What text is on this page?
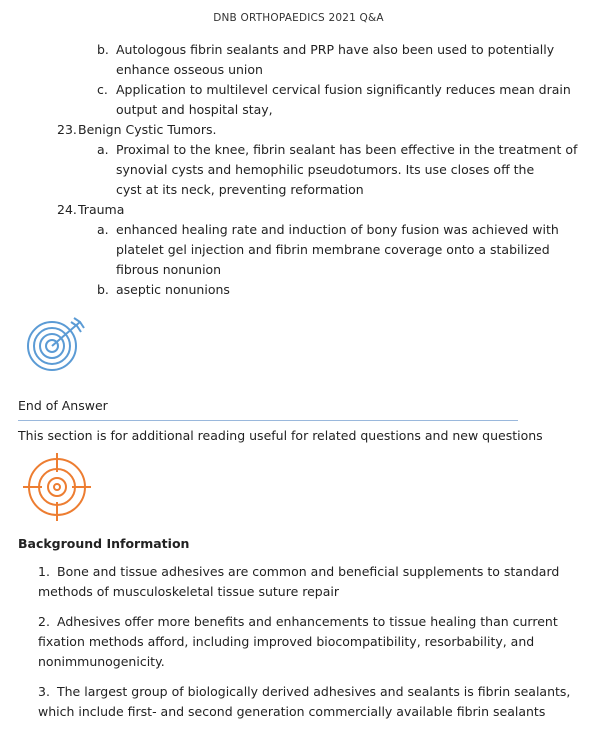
DNB ORTHOPAEDICS 2021 Q&A
b. Autologous fibrin sealants and PRP have also been used to potentially
enhance osseous union
c. Application to multilevel cervical fusion significantly reduces mean drain
output and hospital stay,
23. Benign Cystic Tumors.
a. Proximal to the knee, fibrin sealant has been effective in the treatment of
synovial cysts and hemophilic pseudotumors. Its use closes off the
cyst at its neck, preventing reformation
24. Trauma
a. enhanced healing rate and induction of bony fusion was achieved with
platelet gel injection and fibrin membrane coverage onto a stabilized
fibrous nonunion
b. aseptic nonunions
End of Answer
This section is for additional reading useful for related questions and new questions
Background Information
1. Bone and tissue adhesives are common and beneficial supplements to standard
methods of musculoskeletal tissue suture repair
2. Adhesives offer more benefits and enhancements to tissue healing than current
fixation methods afford, including improved biocompatibility, resorbability, and
nonimmunogenicity.
3. The largest group of biologically derived adhesives and sealants is fibrin sealants,
which include first- and second generation commercially available fibrin sealants
